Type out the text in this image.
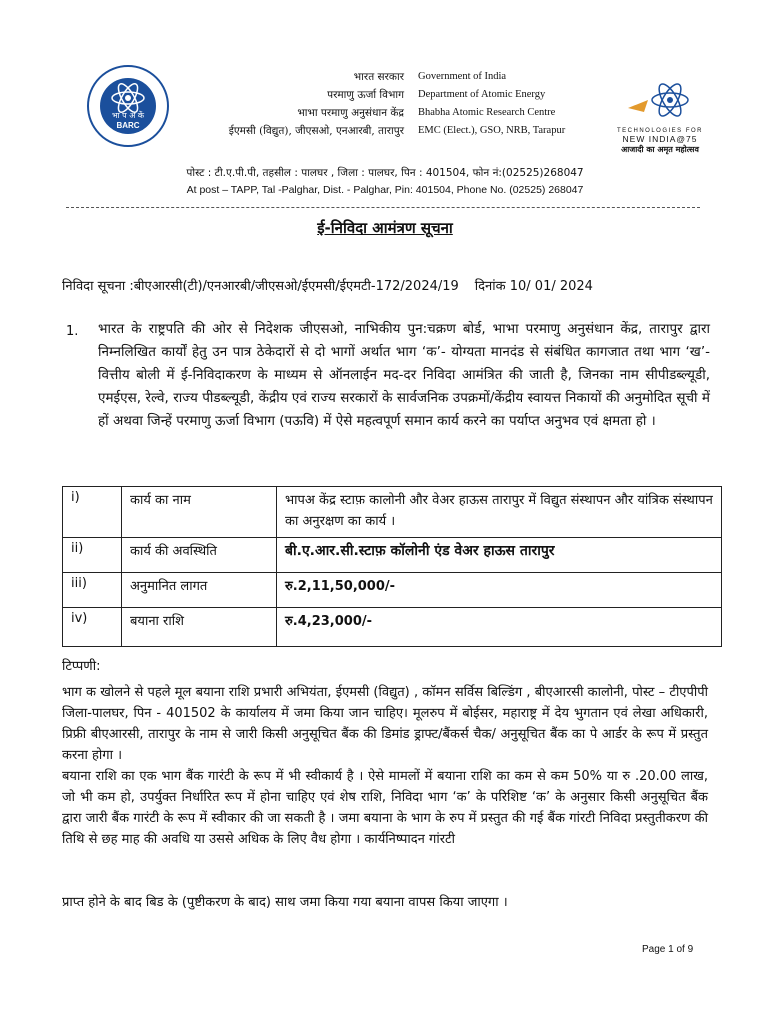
भा प अ कें
BARC
भारत सरकार
परमाणु ऊर्जा विभाग
भाभा परमाणु अनुसंधान केंद्र
ईएमसी (विद्युत), जीएसओ, एनआरबी, तारापुर
Government of India
Department of Atomic Energy
Bhabha Atomic Research Centre
EMC (Elect.), GSO, NRB, Tarapur	TECHNOLOGIES FOR
NEW INDIA@75
आजादी का अमृत महोत्सव
पोस्ट : टी.ए.पी.पी, तहसील : पालघर , जिला : पालघर, पिन : 401504, फोन नं:(02525)268047
At post – TAPP, Tal -Palghar, Dist. - Palghar, Pin: 401504, Phone No. (02525) 268047
ई-निविदा आमंत्रण सूचना
निविदा सूचना :बीएआरसी(टी)/एनआरबी/जीएसओ/ईएमसी/ईएमटी-172/2024/19 दिनांक 10/ 01/ 2024
1. भारत के राष्ट्रपति की ओर से निदेशक जीएसओ, नाभिकीय पुन:चक्रण बोर्ड, भाभा परमाणु अनुसंधान केंद्र, तारापुर द्वारा निम्नलिखित कार्यों हेतु उन पात्र ठेकेदारों से दो भागों अर्थात भाग ‘क’- योग्यता मानदंड से संबंधित कागजात तथा भाग ‘ख’-वित्तीय बोली में ई-निविदाकरण के माध्यम से ऑनलाईन मद-दर निविदा आमंत्रित की जाती है, जिनका नाम सीपीडब्ल्यूडी, एमईएस, रेल्वे, राज्य पीडब्ल्यूडी, केंद्रीय एवं राज्य सरकारों के सार्वजनिक उपक्रमों/केंद्रीय स्वायत्त निकायों की अनुमोदित सूची में हों अथवा जिन्हें परमाणु ऊर्जा विभाग (पऊवि) में ऐसे महत्वपूर्ण समान कार्य करने का पर्याप्त अनुभव एवं क्षमता हो ।
i)	कार्य का नाम	भापअ केंद्र स्टाफ़ कालोनी और वेअर हाऊस तारापुर में विद्युत संस्थापन और यांत्रिक संस्थापन का अनुरक्षण का कार्य ।
ii)	कार्य की अवस्थिति	बी.ए.आर.सी.स्टाफ़ कॉलोनी एंड वेअर हाऊस तारापुर
iii)	अनुमानित लागत	रु.2,11,50,000/-
iv)	बयाना राशि	रु.4,23,000/-
टिप्पणी:

भाग क खोलने से पहले मूल बयाना राशि प्रभारी अभियंता, ईएमसी (विद्युत) , कॉमन सर्विस बिल्डिंग , बीएआरसी कालोनी, पोस्ट – टीएपीपी जिला-पालघर, पिन - 401502 के कार्यालय में जमा किया जान चाहिए। मूलरुप में बोईसर, महाराष्ट्र में देय भुगतान एवं लेखा अधिकारी, प्रिफ्री बीएआरसी, तारापुर के नाम से जारी किसी अनुसूचित बैंक की डिमांड ड्राफ्ट/बैंकर्स चैक/ अनुसूचित बैंक का पे आर्डर के रूप में प्रस्तुत करना होगा ।

बयाना राशि का एक भाग बैंक गारंटी के रूप में भी स्वीकार्य है । ऐसे मामलों में बयाना राशि का कम से कम 50% या रु .20.00 लाख, जो भी कम हो, उपर्युक्त निर्धारित रूप में होना चाहिए एवं शेष राशि, निविदा भाग ‘क’ के परिशिष्ट ‘क’ के अनुसार किसी अनुसूचित बैंक द्वारा जारी बैंक गारंटी के रूप में स्वीकार की जा सकती है । जमा बयाना के भाग के रुप में प्रस्तुत की गई बैंक गांरटी निविदा प्रस्तुतीकरण की तिथि से छह माह की अवधि या उससे अधिक के लिए वैध होगा । कार्यनिष्पादन गांरटी

प्राप्त होने के बाद बिड के (पुष्टीकरण के बाद) साथ जमा किया गया बयाना वापस किया जाएगा ।
Page 1 of 9
